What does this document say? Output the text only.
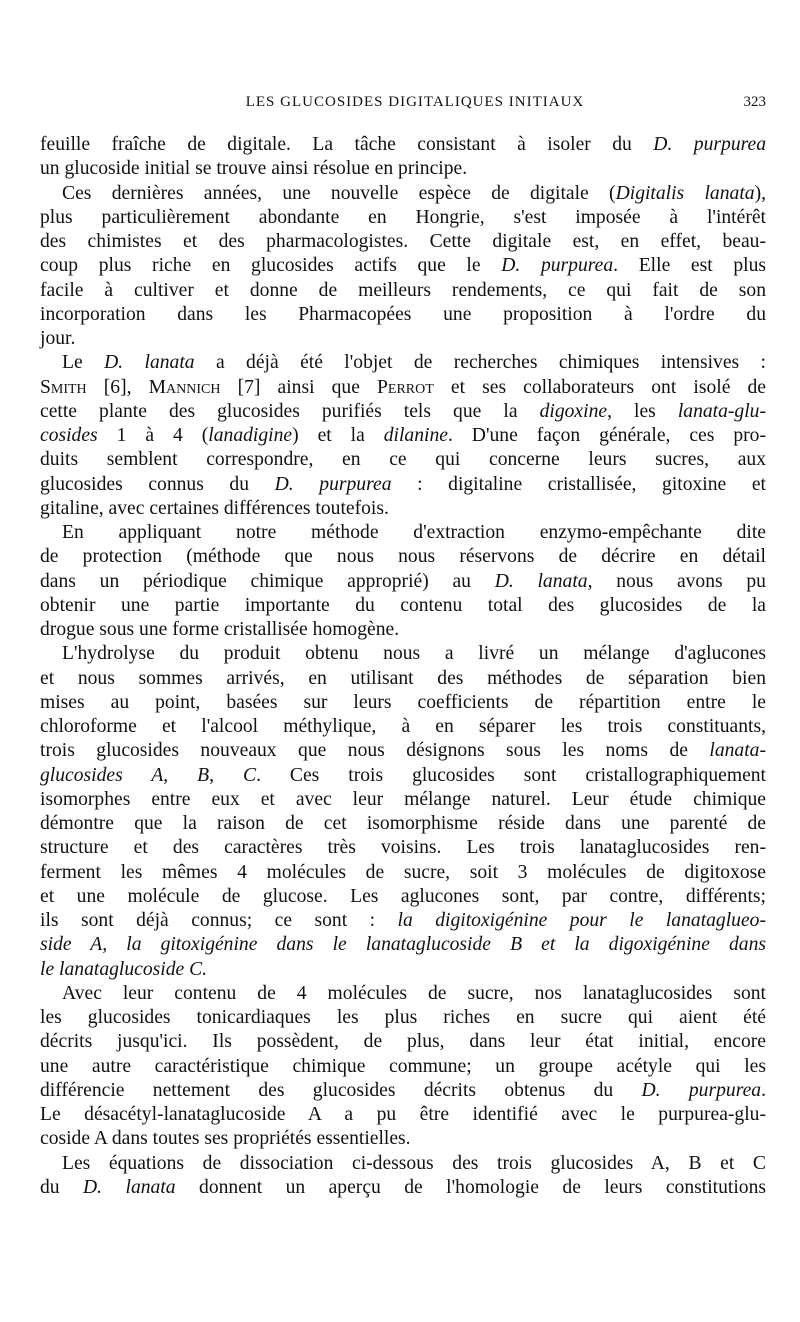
LES GLUCOSIDES DIGITALIQUES INITIAUX	323
feuille fraîche de digitale. La tâche consistant à isoler du D. purpurea
un glucoside initial se trouve ainsi résolue en principe.
Ces dernières années, une nouvelle espèce de digitale (Digitalis lanata),
plus particulièrement abondante en Hongrie, s'est imposée à l'intérêt
des chimistes et des pharmacologistes. Cette digitale est, en effet, beau-
coup plus riche en glucosides actifs que le D. purpurea. Elle est plus
facile à cultiver et donne de meilleurs rendements, ce qui fait de son
incorporation dans les Pharmacopées une proposition à l'ordre du
jour.
Le D. lanata a déjà été l'objet de recherches chimiques intensives :
Smith [6], Mannich [7] ainsi que Perrot et ses collaborateurs ont isolé de
cette plante des glucosides purifiés tels que la digoxine, les lanata-glu-
cosides 1 à 4 (lanadigine) et la dilanine. D'une façon générale, ces pro-
duits semblent correspondre, en ce qui concerne leurs sucres, aux
glucosides connus du D. purpurea : digitaline cristallisée, gitoxine et
gitaline, avec certaines différences toutefois.
En appliquant notre méthode d'extraction enzymo-empêchante dite
de protection (méthode que nous nous réservons de décrire en détail
dans un périodique chimique approprié) au D. lanata, nous avons pu
obtenir une partie importante du contenu total des glucosides de la
drogue sous une forme cristallisée homogène.
L'hydrolyse du produit obtenu nous a livré un mélange d'aglucones
et nous sommes arrivés, en utilisant des méthodes de séparation bien
mises au point, basées sur leurs coefficients de répartition entre le
chloroforme et l'alcool méthylique, à en séparer les trois constituants,
trois glucosides nouveaux que nous désignons sous les noms de lanata-
glucosides A, B, C. Ces trois glucosides sont cristallographiquement
isomorphes entre eux et avec leur mélange naturel. Leur étude chimique
démontre que la raison de cet isomorphisme réside dans une parenté de
structure et des caractères très voisins. Les trois lanataglucosides ren-
ferment les mêmes 4 molécules de sucre, soit 3 molécules de digitoxose
et une molécule de glucose. Les aglucones sont, par contre, différents;
ils sont déjà connus; ce sont : la digitoxigénine pour le lanataglueo-
side A, la gitoxigénine dans le lanataglucoside B et la digoxigénine dans
le lanataglucoside C.
Avec leur contenu de 4 molécules de sucre, nos lanataglucosides sont
les glucosides tonicardiaques les plus riches en sucre qui aient été
décrits jusqu'ici. Ils possèdent, de plus, dans leur état initial, encore
une autre caractéristique chimique commune; un groupe acétyle qui les
différencie nettement des glucosides décrits obtenus du D. purpurea.
Le désacétyl-lanataglucoside A a pu être identifié avec le purpurea-glu-
coside A dans toutes ses propriétés essentielles.
Les équations de dissociation ci-dessous des trois glucosides A, B et C
du D. lanata donnent un aperçu de l'homologie de leurs constitutions
